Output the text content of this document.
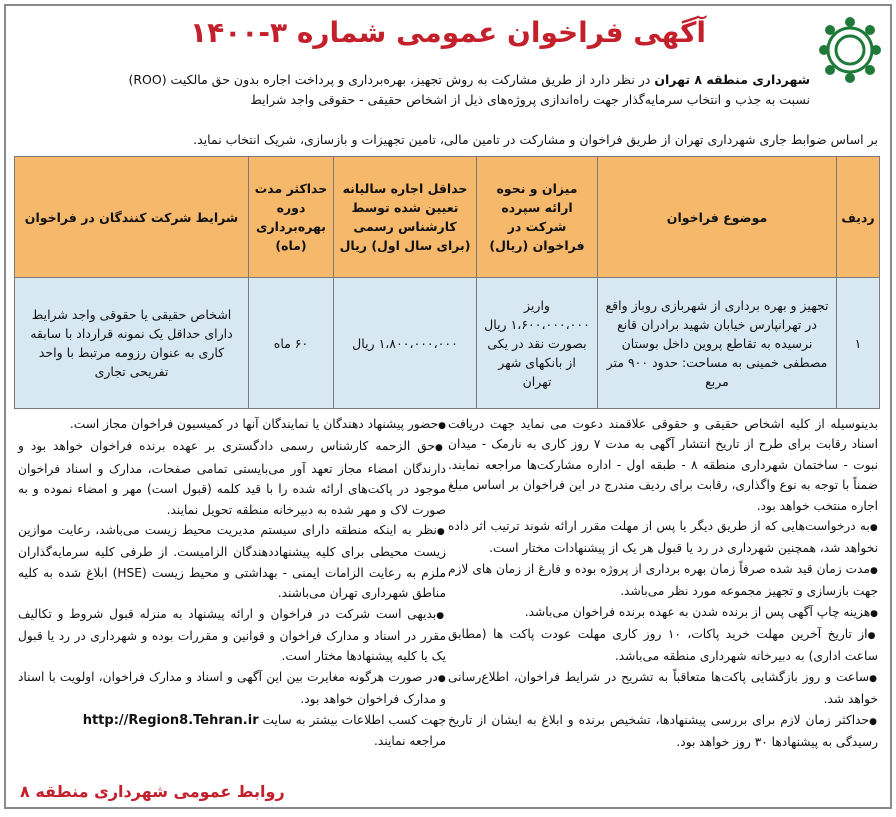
آگهی فراخوان عمومی شماره ۳-۱۴۰۰
شهرداری منطقه ۸ تهران در نظر دارد از طریق مشارکت به روش تجهیز، بهره‌برداری و پرداخت اجاره بدون حق مالکیت (ROO)
نسبت به جذب و انتخاب سرمایه‌گذار جهت راه‌اندازی پروژه‌های ذیل از اشخاص حقیقی - حقوقی واجد شرایط
بر اساس ضوابط جاری شهرداری تهران از طریق فراخوان و مشارکت در تامین مالی، تامین تجهیزات و بازسازی، شریک انتخاب نماید.
ردیف	موضوع فراخوان	میزان و نحوه ارائه سپرده شرکت در فراخوان (ریال)	حداقل اجاره سالیانه تعیین شده توسط کارشناس رسمی (برای سال اول) ریال	حداکثر مدت دوره بهره‌برداری (ماه)	شرایط شرکت کنندگان در فراخوان
۱	تجهیز و بهره برداری از شهربازی روباز واقع در تهرانپارس خیابان شهید برادران قانع نرسیده به تقاطع پروین داخل بوستان مصطفی خمینی به مساحت: حدود ۹۰۰ متر مربع	واریز ۱،۶۰۰،۰۰۰،۰۰۰ ریال بصورت نقد در یکی از بانکهای شهر تهران	۱،۸۰۰،۰۰۰،۰۰۰ ریال	۶۰ ماه	اشخاص حقیقی یا حقوقی واجد شرایط دارای حداقل یک نمونه قرارداد با سابقه کاری به عنوان رزومه مرتبط با واحد تفریحی تجاری

بدینوسیله از کلیه اشخاص حقیقی و حقوقی علاقمند دعوت می نماید جهت دریافت اسناد رقابت برای طرح از تاریخ انتشار آگهی به مدت ۷ روز کاری به نارمک - میدان نبوت - ساختمان شهرداری منطقه ۸ - طبقه اول - اداره مشارکت‌ها مراجعه نمایند. ضمناً با توجه به نوع واگذاری، رقابت برای ردیف مندرج در این فراخوان بر اساس مبلغ اجاره منتخب خواهد بود.

● به درخواست‌هایی که از طریق دیگر یا پس از مهلت مقرر ارائه شوند ترتیب اثر داده نخواهد شد، همچنین شهرداری در رد یا قبول هر یک از پیشنهادات مختار است.

● مدت زمان قید شده صرفاً زمان بهره برداری از پروژه بوده و فارغ از زمان های لازم جهت بازسازی و تجهیز مجموعه مورد نظر می‌باشد.

● هزینه چاپ آگهی پس از برنده شدن به عهده برنده فراخوان می‌باشد.

● از تاریخ آخرین مهلت خرید پاکات، ۱۰ روز کاری مهلت عودت پاکت ها (مطابق ساعت اداری) به دبیرخانه شهرداری منطقه می‌باشد.

● ساعت و روز بازگشایی پاکت‌ها متعاقباً به تشریح در شرایط فراخوان، اطلاع‌رسانی خواهد شد.

● حداکثر زمان لازم برای بررسی پیشنهادها، تشخیص برنده و ابلاغ به ایشان از تاریخ رسیدگی به پیشنهادها ۳۰ روز خواهد بود.

● حضور پیشنهاد دهندگان یا نمایندگان آنها در کمیسیون فراخوان مجاز است.

● حق الزحمه کارشناس رسمی دادگستری بر عهده برنده فراخوان خواهد بود و دارندگان امضاء مجاز تعهد آور می‌بایستی تمامی صفحات، مدارک و اسناد فراخوان موجود در پاکت‌های ارائه شده را با قید کلمه (قبول است) مهر و امضاء نموده و به صورت لاک و مهر شده به دبیرخانه منطقه تحویل نمایند.

● نظر به اینکه منطقه دارای سیستم مدیریت محیط زیست می‌باشد، رعایت موازین زیست محیطی برای کلیه پیشنهاددهندگان الزامیست. از طرفی کلیه سرمایه‌گذاران ملزم به رعایت الزامات ایمنی - بهداشتی و محیط زیست (HSE) ابلاغ شده به کلیه مناطق شهرداری تهران می‌باشند.

● بدیهی است شرکت در فراخوان و ارائه پیشنهاد به منزله قبول شروط و تکالیف مقرر در اسناد و مدارک فراخوان و قوانین و مقررات بوده و شهرداری در رد یا قبول یک یا کلیه پیشنهادها مختار است.

● در صورت هرگونه مغایرت بین این آگهی و اسناد و مدارک فراخوان، اولویت با اسناد و مدارک فراخوان خواهد بود.

جهت کسب اطلاعات بیشتر به سایت http://Region8.Tehran.ir

مراجعه نمایند.

روابط عمومی شهرداری منطقه ۸
